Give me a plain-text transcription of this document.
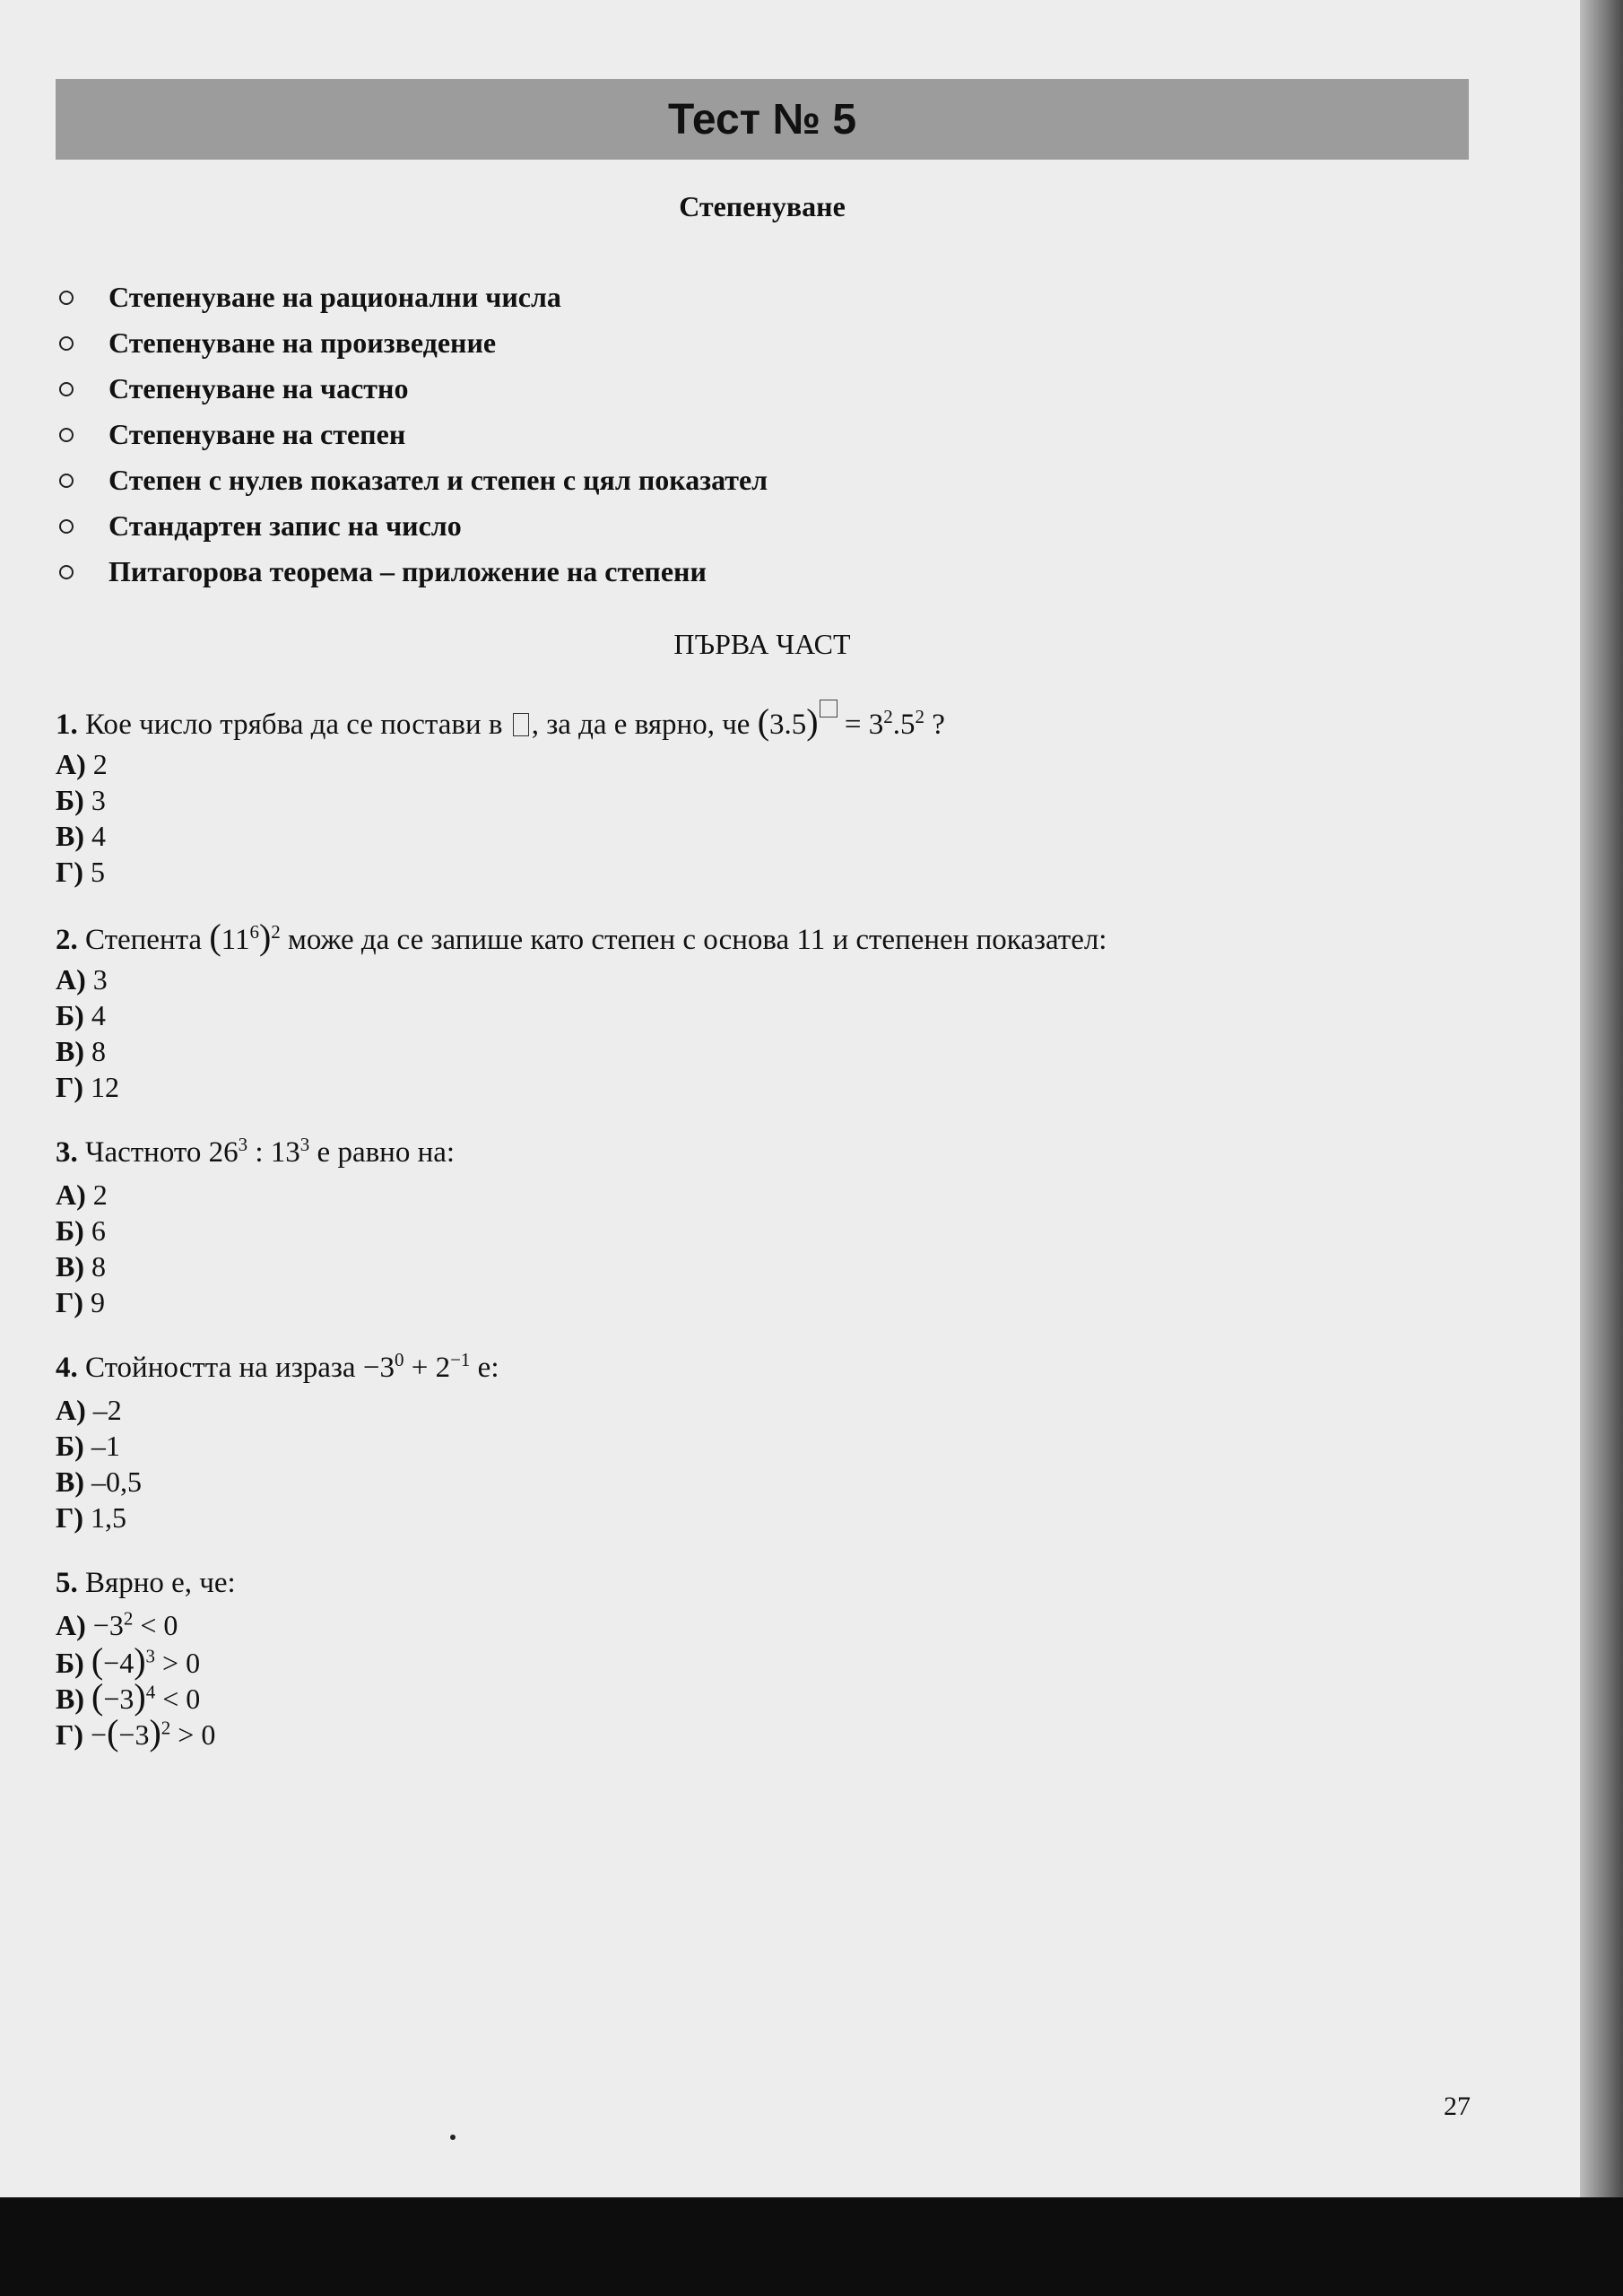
Тест № 5
Степенуване
Степенуване на рационални числа
Степенуване на произведение
Степенуване на частно
Степенуване на степен
Степен с нулев показател и степен с цял показател
Стандартен запис на число
Питагорова теорема – приложение на степени
ПЪРВА ЧАСТ
1. Кое число трябва да се постави в , за да е вярно, че $(3.5) = 3^2.5^2$ ?
А) 2
Б) 3
В) 4
Г) 5
2. Степента $(11^6)^2$ може да се запише като степен с основа 11 и степенен показател:
А) 3
Б) 4
В) 8
Г) 12
3. Частното $26^3$ : $13^3$ е равно на:
А) 2
Б) 6
В) 8
Г) 9
4. Стойността на израза $-3^0 + 2^{-1}$ е:
А) –2
Б) –1
В) –0,5
Г) 1,5
5. Вярно е, че:
$А) -3^2 < 0$
Б) $(-4)^3 > 0$
В) $(-3)^4 < 0$
$Г) -(-3)^2 > 0$
27
